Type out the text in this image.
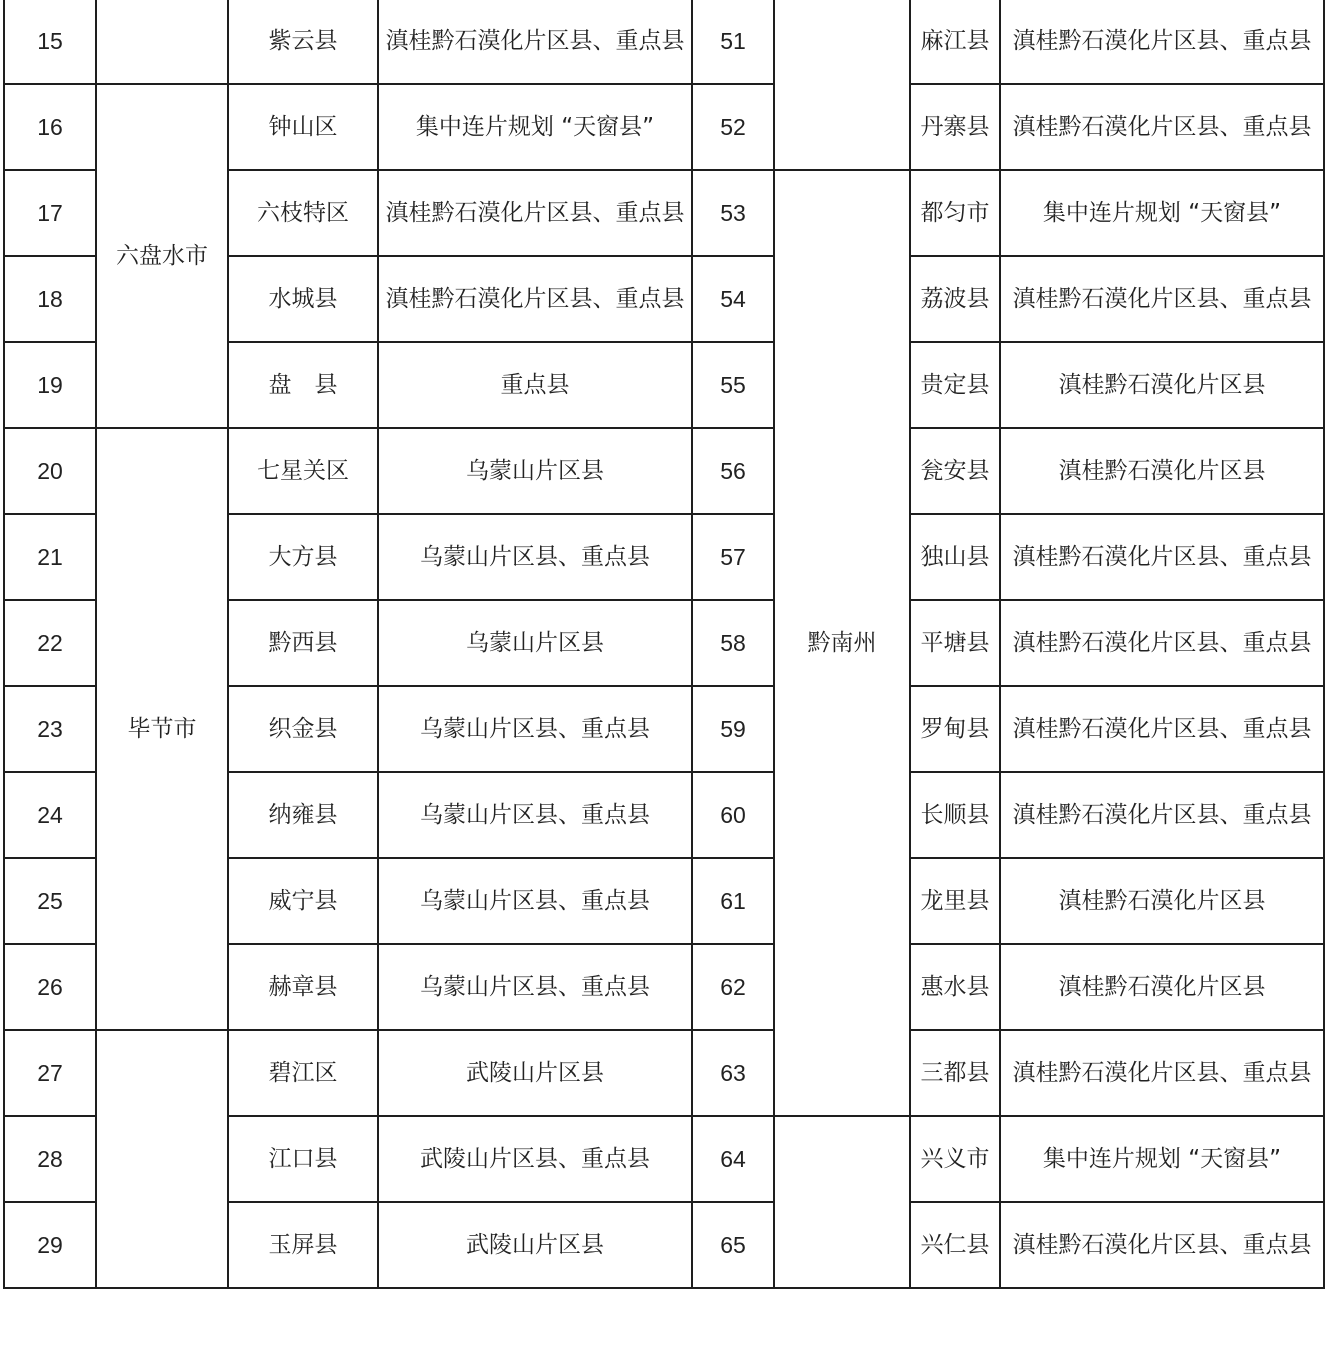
15		紫云县	滇桂黔石漠化片区县、重点县	51		麻江县	滇桂黔石漠化片区县、重点县
16	六盘水市	钟山区	集中连片规划 “天窗县”	52		丹寨县	滇桂黔石漠化片区县、重点县
17		六枝特区	滇桂黔石漠化片区县、重点县	53	黔南州	都匀市	集中连片规划 “天窗县”
18		水城县	滇桂黔石漠化片区县、重点县	54		荔波县	滇桂黔石漠化片区县、重点县
19		盘　县	重点县	55		贵定县	滇桂黔石漠化片区县
20	毕节市	七星关区	乌蒙山片区县	56		瓮安县	滇桂黔石漠化片区县
21		大方县	乌蒙山片区县、重点县	57		独山县	滇桂黔石漠化片区县、重点县
22		黔西县	乌蒙山片区县	58		平塘县	滇桂黔石漠化片区县、重点县
23		织金县	乌蒙山片区县、重点县	59		罗甸县	滇桂黔石漠化片区县、重点县
24		纳雍县	乌蒙山片区县、重点县	60		长顺县	滇桂黔石漠化片区县、重点县
25		威宁县	乌蒙山片区县、重点县	61		龙里县	滇桂黔石漠化片区县
26		赫章县	乌蒙山片区县、重点县	62		惠水县	滇桂黔石漠化片区县
27		碧江区	武陵山片区县	63		三都县	滇桂黔石漠化片区县、重点县
28		江口县	武陵山片区县、重点县	64		兴义市	集中连片规划 “天窗县”
29		玉屏县	武陵山片区县	65		兴仁县	滇桂黔石漠化片区县、重点县
